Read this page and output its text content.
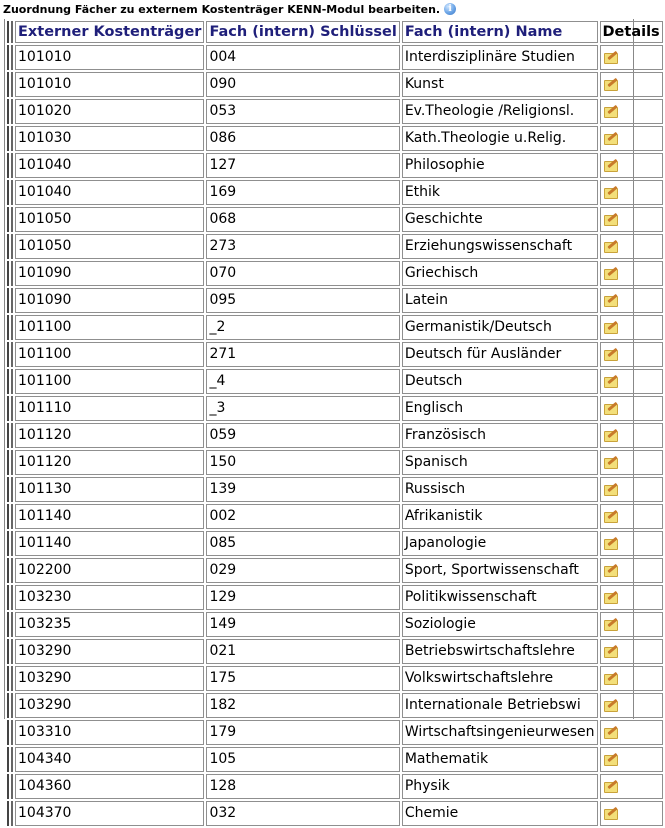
Zuordnung Fächer zu externem Kostenträger KENN-Modul bearbeiten. i
		Externer Kostenträger	Fach (intern) Schlüssel	Fach (intern) Name	Details
		101010	004	Interdisziplinäre Studien	

		101010	090	Kunst	

		101020	053	Ev.Theologie /Religionsl.	

		101030	086	Kath.Theologie u.Relig.	

		101040	127	Philosophie	

		101040	169	Ethik	

		101050	068	Geschichte	

		101050	273	Erziehungswissenschaft	

		101090	070	Griechisch	

		101090	095	Latein	

		101100	_2	Germanistik/Deutsch	

		101100	271	Deutsch für Ausländer	

		101100	_4	Deutsch	

		101110	_3	Englisch	

		101120	059	Französisch	

		101120	150	Spanisch	

		101130	139	Russisch	

		101140	002	Afrikanistik	

		101140	085	Japanologie	

		102200	029	Sport, Sportwissenschaft	

		103230	129	Politikwissenschaft	

		103235	149	Soziologie	

		103290	021	Betriebswirtschaftslehre	

		103290	175	Volkswirtschaftslehre	

		103290	182	Internationale Betriebswi	

		103310	179	Wirtschaftsingenieurwesen	

		104340	105	Mathematik	

		104360	128	Physik	

		104370	032	Chemie	
